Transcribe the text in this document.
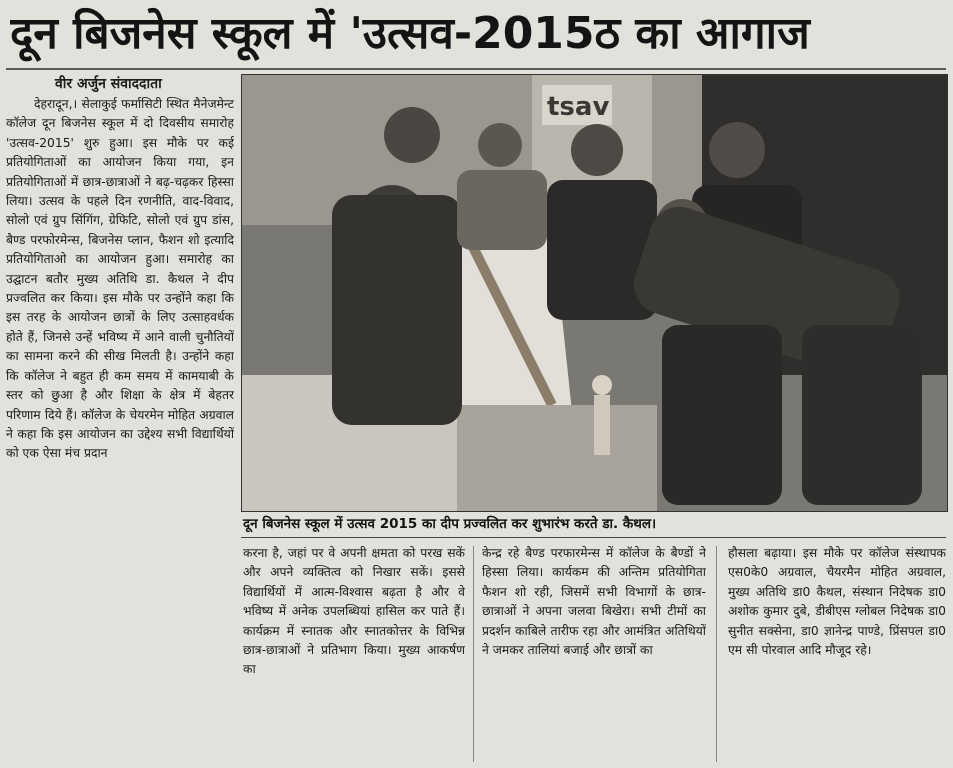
दून बिजनेस स्कूल में 'उत्सव-2015ठ का आगाज
वीर अर्जुन संवाददाता
देहरादून,। सेलाकुई फर्मासिटी स्थित मैनेजमेन्ट कॉलेज दून बिजनेस स्कूल में दो दिवसीय समारोह 'उत्सव-2015' शुरु हुआ। इस मौके पर कई प्रतियोगिताओं का आयोजन किया गया, इन प्रतियोगिताओं में छात्र-छात्राओं ने बढ़-चढ़कर हिस्सा लिया। उत्सव के पहले दिन रणनीति, वाद-विवाद, सोलो एवं ग्रुप सिंगिंग, ग्रेफिटि, सोलो एवं ग्रुप डांस, बैण्ड परफोरमेन्स, बिजनेस प्लान, फैशन शो इत्यादि प्रतियोगिताओ का आयोजन हुआ। समारोह का उद्घाटन बतौर मुख्य अतिथि डा. कैथल ने दीप प्रज्वलित कर किया। इस मौके पर उन्होंने कहा कि इस तरह के आयोजन छात्रों के लिए उत्साहवर्धक होते हैं, जिनसे उन्हें भविष्य में आने वाली चुनौतियों का सामना करने की सीख मिलती है। उन्होंने कहा कि कॉलेज ने बहुत ही कम समय में कामयाबी के स्तर को छुआ है और शिक्षा के क्षेत्र में बेहतर परिणाम दिये हैं। कॉलेज के चेयरमेन मोहित अग्रवाल ने कहा कि इस आयोजन का उद्देश्य सभी विद्यार्थियों को एक ऐसा मंच प्रदान
tsav
दून बिजनेस स्कूल में उत्सव 2015 का दीप प्रज्वलित कर शुभारंभ करते डा. कैथल।
करना है, जहां पर वे अपनी क्षमता को परख सकें और अपने व्यक्तित्व को निखार सकें। इससे विद्यार्थियों में आत्म-विश्वास बढ़ता है और वे भविष्य में अनेक उपलब्धियां हासिल कर पाते हैं। कार्यक्रम में स्नातक और स्नातकोत्तर के विभिन्न छात्र-छात्राओं ने प्रतिभाग किया। मुख्य आकर्षण का
केन्द्र रहे बैण्ड परफारमेन्स में कॉलेज के बैण्डों ने हिस्सा लिया। कार्यकम की अन्तिम प्रतियोगिता फैशन शो रही, जिसमें सभी विभागों के छात्र-छात्राओं ने अपना जलवा बिखेरा। सभी टीमों का प्रदर्शन काबिले तारीफ रहा और आमंत्रित अतिथियों ने जमकर तालियां बजाई और छात्रों का
हौसला बढ़ाया। इस मौके पर कॉलेज संस्थापक एस0के0 अग्रवाल, चैयरमैन मोहित अग्रवाल, मुख्य अतिथि डा0 कैथल, संस्थान निदेषक डा0 अशोक कुमार दुबे, डीबीएस ग्लोबल निदेषक डा0 सुनीत सक्सेना, डा0 ज्ञानेन्द्र पाण्डे, प्रिंसपल डा0 एम सी पोरवाल आदि मौजूद रहे।
